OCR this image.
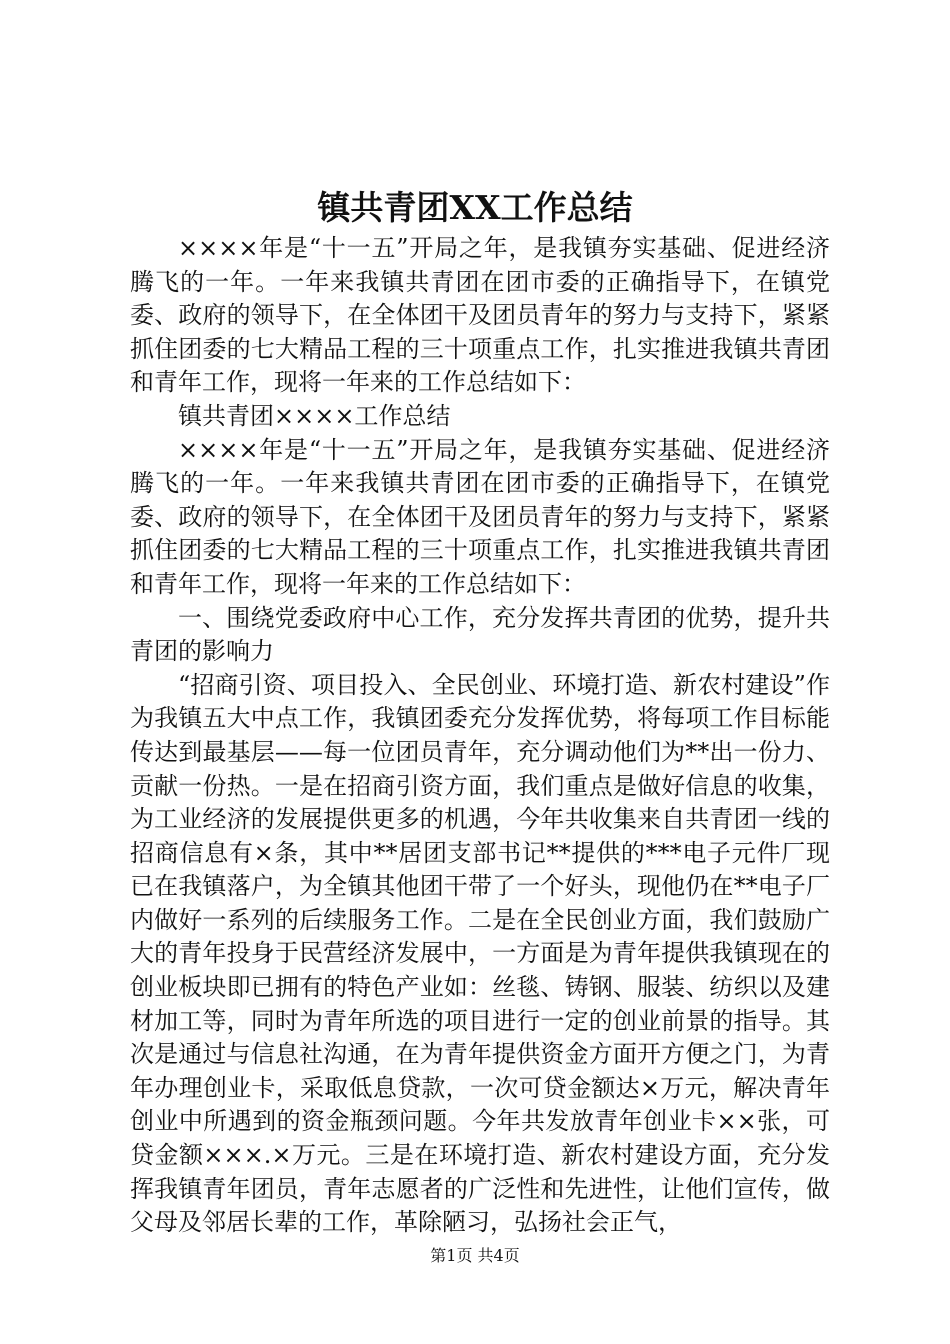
镇共青团XX工作总结

××××年是“十一五”开局之年，是我镇夯实基础、促进经济腾飞的一年。一年来我镇共青团在团市委的正确指导下，在镇党委、政府的领导下，在全体团干及团员青年的努力与支持下，紧紧抓住团委的七大精品工程的三十项重点工作，扎实推进我镇共青团和青年工作，现将一年来的工作总结如下：

镇共青团××××工作总结

××××年是“十一五”开局之年，是我镇夯实基础、促进经济腾飞的一年。一年来我镇共青团在团市委的正确指导下，在镇党委、政府的领导下，在全体团干及团员青年的努力与支持下，紧紧抓住团委的七大精品工程的三十项重点工作，扎实推进我镇共青团和青年工作，现将一年来的工作总结如下：

一、围绕党委政府中心工作，充分发挥共青团的优势，提升共青团的影响力

“招商引资、项目投入、全民创业、环境打造、新农村建设”作为我镇五大中点工作，我镇团委充分发挥优势，将每项工作目标能传达到最基层——每一位团员青年，充分调动他们为**出一份力、贡献一份热。一是在招商引资方面，我们重点是做好信息的收集，为工业经济的发展提供更多的机遇，今年共收集来自共青团一线的招商信息有×条，其中**居团支部书记**提供的***电子元件厂现已在我镇落户，为全镇其他团干带了一个好头，现他仍在**电子厂内做好一系列的后续服务工作。二是在全民创业方面，我们鼓励广大的青年投身于民营经济发展中，一方面是为青年提供我镇现在的创业板块即已拥有的特色产业如：丝毯、铸钢、服装、纺织以及建材加工等，同时为青年所选的项目进行一定的创业前景的指导。其次是通过与信息社沟通，在为青年提供资金方面开方便之门，为青年办理创业卡，采取低息贷款，一次可贷金额达×万元，解决青年创业中所遇到的资金瓶颈问题。今年共发放青年创业卡××张，可贷金额×××.×万元。三是在环境打造、新农村建设方面，充分发挥我镇青年团员，青年志愿者的广泛性和先进性，让他们宣传，做父母及邻居长辈的工作，革除陋习，弘扬社会正气，

第1页 共4页
